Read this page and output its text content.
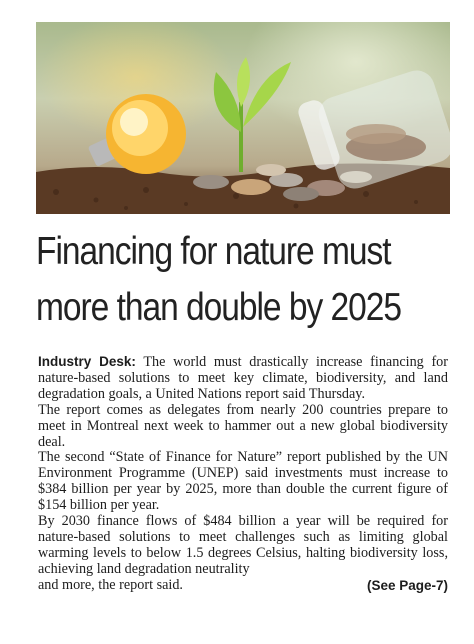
Financing for nature must
more than double by 2025

Industry Desk: The world must drastically increase financing for nature-based solutions to meet key climate, biodiversity, and land degradation goals, a United Nations report said Thursday.

The report comes as delegates from nearly 200 countries prepare to meet in Montreal next week to hammer out a new global biodiversity deal.

The second “State of Finance for Nature” report published by the UN Environment Programme (UNEP) said investments must increase to $384 billion per year by 2025, more than double the current figure of $154 billion per year.

By 2030 finance flows of $484 billion a year will be required for nature-based solutions to meet challenges such as limiting global warming levels to below 1.5 degrees Celsius, halting biodiversity loss, achieving land degradation neutrality

and more, the report said.	(See Page-7)
